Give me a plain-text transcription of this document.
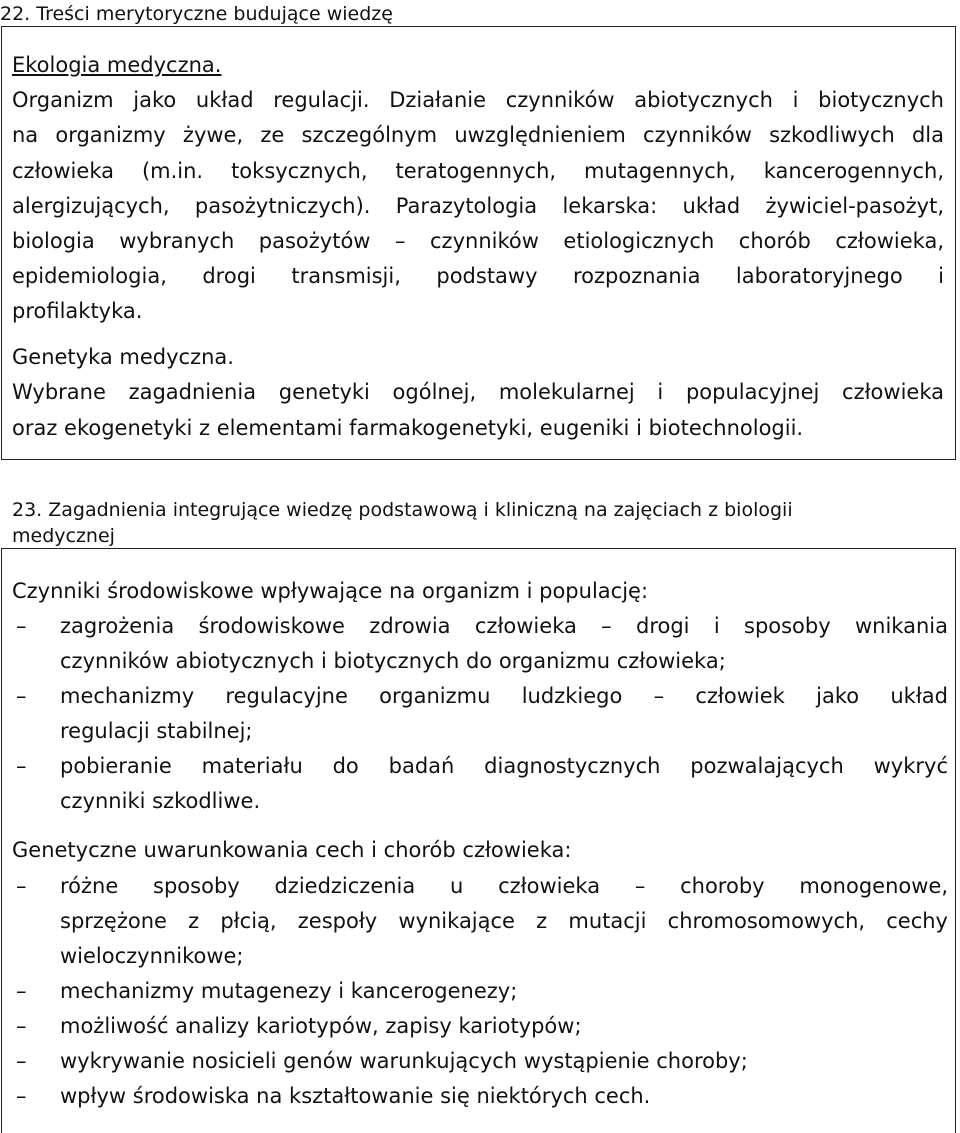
22. Treści merytoryczne budujące wiedzę
Ekologia medyczna.
Organizm jako układ regulacji. Działanie czynników abiotycznych i biotycznych
na organizmy żywe, ze szczególnym uwzględnieniem czynników szkodliwych dla
człowieka (m.in. toksycznych, teratogennych, mutagennych, kancerogennych,
alergizujących, pasożytniczych). Parazytologia lekarska: układ żywiciel-pasożyt,
biologia wybranych pasożytów – czynników etiologicznych chorób człowieka,
epidemiologia, drogi transmisji, podstawy rozpoznania laboratoryjnego i
profilaktyka.
Genetyka medyczna.
Wybrane zagadnienia genetyki ogólnej, molekularnej i populacyjnej człowieka
oraz ekogenetyki z elementami farmakogenetyki, eugeniki i biotechnologii.
23. Zagadnienia integrujące wiedzę podstawową i kliniczną na zajęciach z biologii
medycznej
Czynniki środowiskowe wpływające na organizm i populację:
– zagrożenia środowiskowe zdrowia człowieka – drogi i sposoby wnikania
czynników abiotycznych i biotycznych do organizmu człowieka;
– mechanizmy regulacyjne organizmu ludzkiego – człowiek jako układ
regulacji stabilnej;
– pobieranie materiału do badań diagnostycznych pozwalających wykryć
czynniki szkodliwe.
Genetyczne uwarunkowania cech i chorób człowieka:
– różne sposoby dziedziczenia u człowieka – choroby monogenowe,
sprzężone z płcią, zespoły wynikające z mutacji chromosomowych, cechy
wieloczynnikowe;
– mechanizmy mutagenezy i kancerogenezy;
– możliwość analizy kariotypów, zapisy kariotypów;
– wykrywanie nosicieli genów warunkujących wystąpienie choroby;
– wpływ środowiska na kształtowanie się niektórych cech.
